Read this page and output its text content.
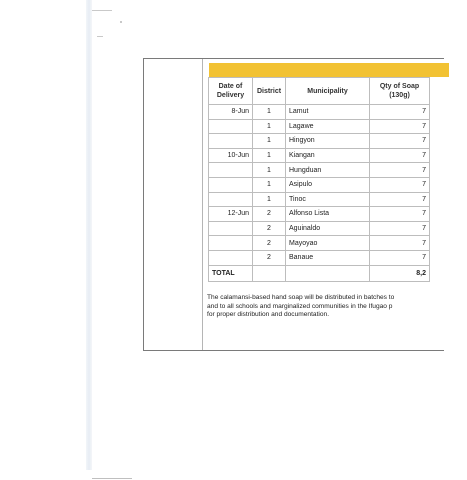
Date of
Delivery	District	Municipality	Qty of Soap
(130g)
8-Jun	1	Lamut	7
	1	Lagawe	7
	1	Hingyon	7
10-Jun	1	Kiangan	7
	1	Hungduan	7
	1	Asipulo	7
	1	Tinoc	7
12-Jun	2	Alfonso Lista	7
	2	Aguinaldo	7
	2	Mayoyao	7
	2	Banaue	7
TOTAL			8,2
The calamansi-based hand soap will be distributed in batches to
and to all schools and marginalized communities in the Ifugao p
for proper distribution and documentation.
